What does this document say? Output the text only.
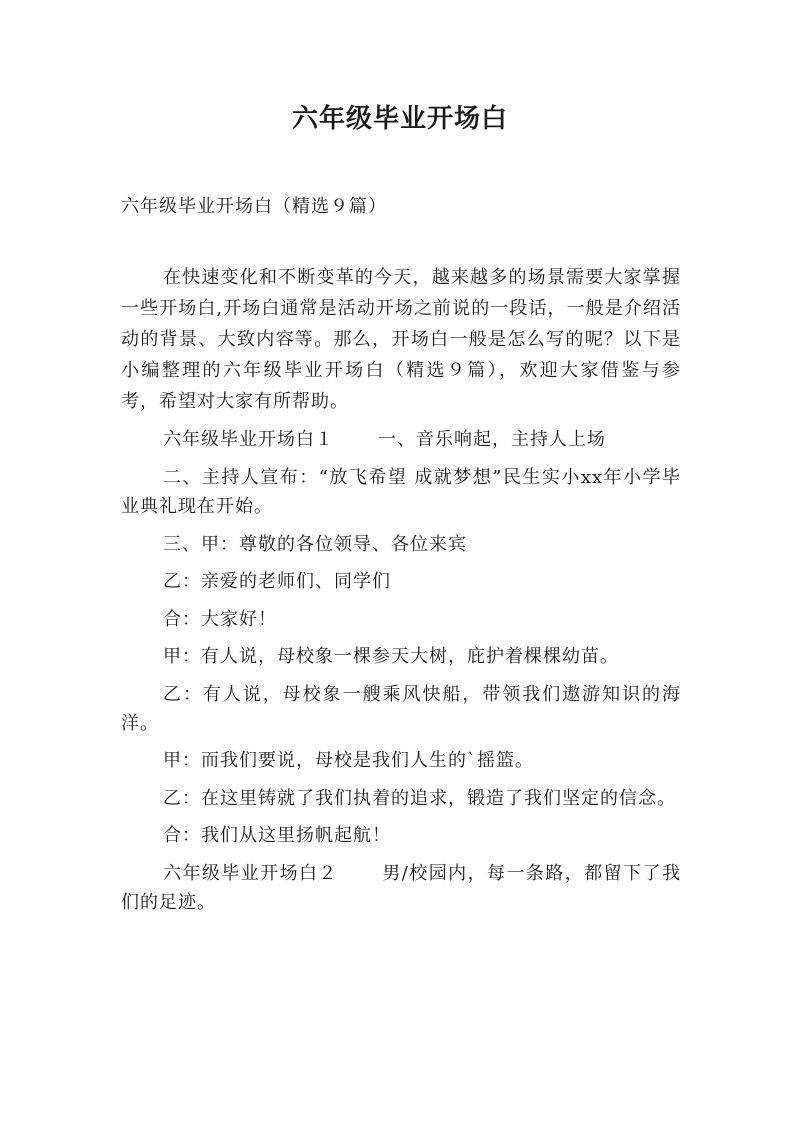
六年级毕业开场白

六年级毕业开场白（精选９篇）

在快速变化和不断变革的今天，越来越多的场景需要大家掌握一些开场白,开场白通常是活动开场之前说的一段话，一般是介绍活动的背景、大致内容等。那么，开场白一般是怎么写的呢？以下是小编整理的六年级毕业开场白（精选９篇），欢迎大家借鉴与参考，希望对大家有所帮助。

六年级毕业开场白１ 一、音乐响起，主持人上场

二、主持人宣布：“放飞希望 成就梦想”民生实小xx年小学毕业典礼现在开始。

三、甲：尊敬的各位领导、各位来宾

乙：亲爱的老师们、同学们

合：大家好！

甲：有人说，母校象一棵参天大树，庇护着棵棵幼苗。

乙：有人说，母校象一艘乘风快船，带领我们遨游知识的海洋。

甲：而我们要说，母校是我们人生的`摇篮。

乙：在这里铸就了我们执着的追求，锻造了我们坚定的信念。

合：我们从这里扬帆起航！

六年级毕业开场白２ 男/校园内，每一条路，都留下了我们的足迹。
